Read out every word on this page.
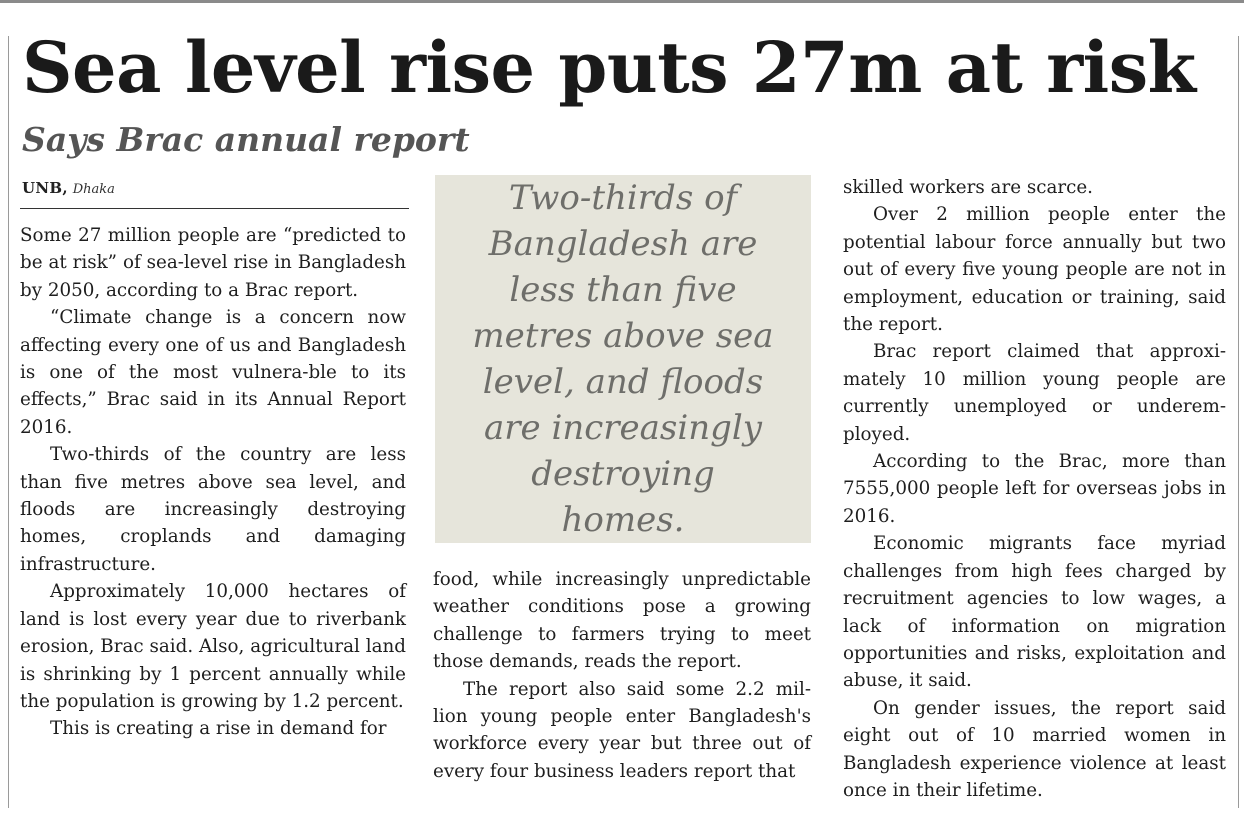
Sea level rise puts 27m at risk
Says Brac annual report
UNB, Dhaka

Some 27 million people are “predicted to be at risk” of sea-level rise in Bangladesh by 2050, according to a Brac report.

“Climate change is a concern now affecting every one of us and Bangladesh is one of the most vulnera-ble to its effects,” Brac said in its Annual Report 2016.

Two-thirds of the country are less than five metres above sea level, and floods are increasingly destroying homes, croplands and damaging infrastructure.

Approximately 10,000 hectares of land is lost every year due to riverbank erosion, Brac said. Also, agricultural land is shrinking by 1 percent annually while the population is growing by 1.2 percent.

This is creating a rise in demand for

Two-thirds of Bangladesh are less than five metres above sea level, and floods are increasingly destroying homes.

food, while increasingly unpredictable weather conditions pose a growing challenge to farmers trying to meet those demands, reads the report.

The report also said some 2.2 mil-lion young people enter Bangladesh's workforce every year but three out of every four business leaders report that

skilled workers are scarce.

Over 2 million people enter the potential labour force annually but two out of every five young people are not in employment, education or training, said the report.

Brac report claimed that approxi-mately 10 million young people are currently unemployed or underem-ployed.

According to the Brac, more than 7555,000 people left for overseas jobs in 2016.

Economic migrants face myriad challenges from high fees charged by recruitment agencies to low wages, a lack of information on migration opportunities and risks, exploitation and abuse, it said.

On gender issues, the report said eight out of 10 married women in Bangladesh experience violence at least once in their lifetime.
